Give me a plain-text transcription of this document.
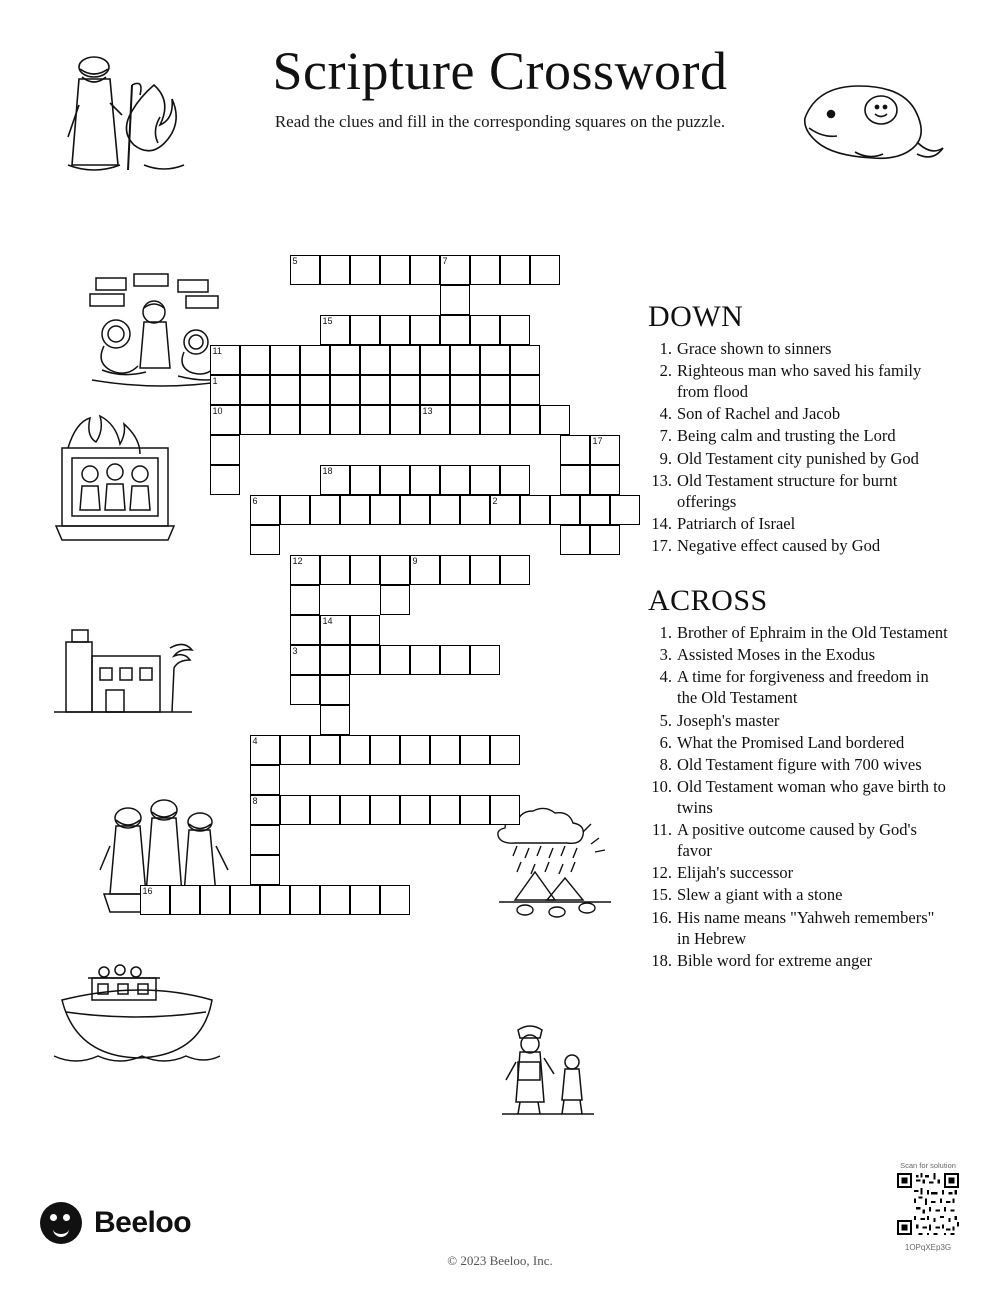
Scripture Crossword
Read the clues and fill in the corresponding squares on the puzzle.
5	7
15
11
1
10	13
17
18
6	2
12	9
14
3
4
8
16
DOWN
1. Grace shown to sinners
2. Righteous man who saved his family from flood
4. Son of Rachel and Jacob
7. Being calm and trusting the Lord
9. Old Testament city punished by God
13. Old Testament structure for burnt offerings
14. Patriarch of Israel
17. Negative effect caused by God
ACROSS
1. Brother of Ephraim in the Old Testament
3. Assisted Moses in the Exodus
4. A time for forgiveness and freedom in the Old Testament
5. Joseph's master
6. What the Promised Land bordered
8. Old Testament figure with 700 wives
10. Old Testament woman who gave birth to twins
11. A positive outcome caused by God's favor
12. Elijah's successor
15. Slew a giant with a stone
16. His name means "Yahweh remembers" in Hebrew
18. Bible word for extreme anger
Beeloo
© 2023 Beeloo, Inc.
Scan for solution
1OPqXEp3G
